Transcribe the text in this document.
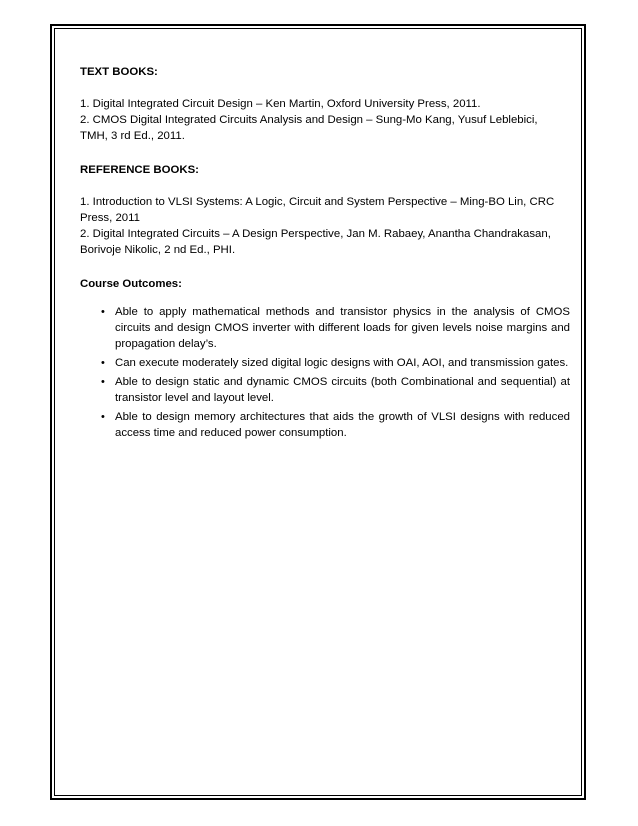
TEXT BOOKS:

1. Digital Integrated Circuit Design – Ken Martin, Oxford University Press, 2011.

2. CMOS Digital Integrated Circuits Analysis and Design – Sung-Mo Kang, Yusuf Leblebici,

TMH, 3 rd Ed., 2011.

REFERENCE BOOKS:

1. Introduction to VLSI Systems: A Logic, Circuit and System Perspective – Ming-BO Lin, CRC

Press, 2011

2. Digital Integrated Circuits – A Design Perspective, Jan M. Rabaey, Anantha Chandrakasan,

Borivoje Nikolic, 2 nd Ed., PHI.

Course Outcomes:

• Able to apply mathematical methods and transistor physics in the analysis of CMOS circuits and design CMOS inverter with different loads for given levels noise margins and propagation delay’s.
• Can execute moderately sized digital logic designs with OAI, AOI, and transmission gates.
• Able to design static and dynamic CMOS circuits (both Combinational and sequential) at transistor level and layout level.
• Able to design memory architectures that aids the growth of VLSI designs with reduced access time and reduced power consumption.
